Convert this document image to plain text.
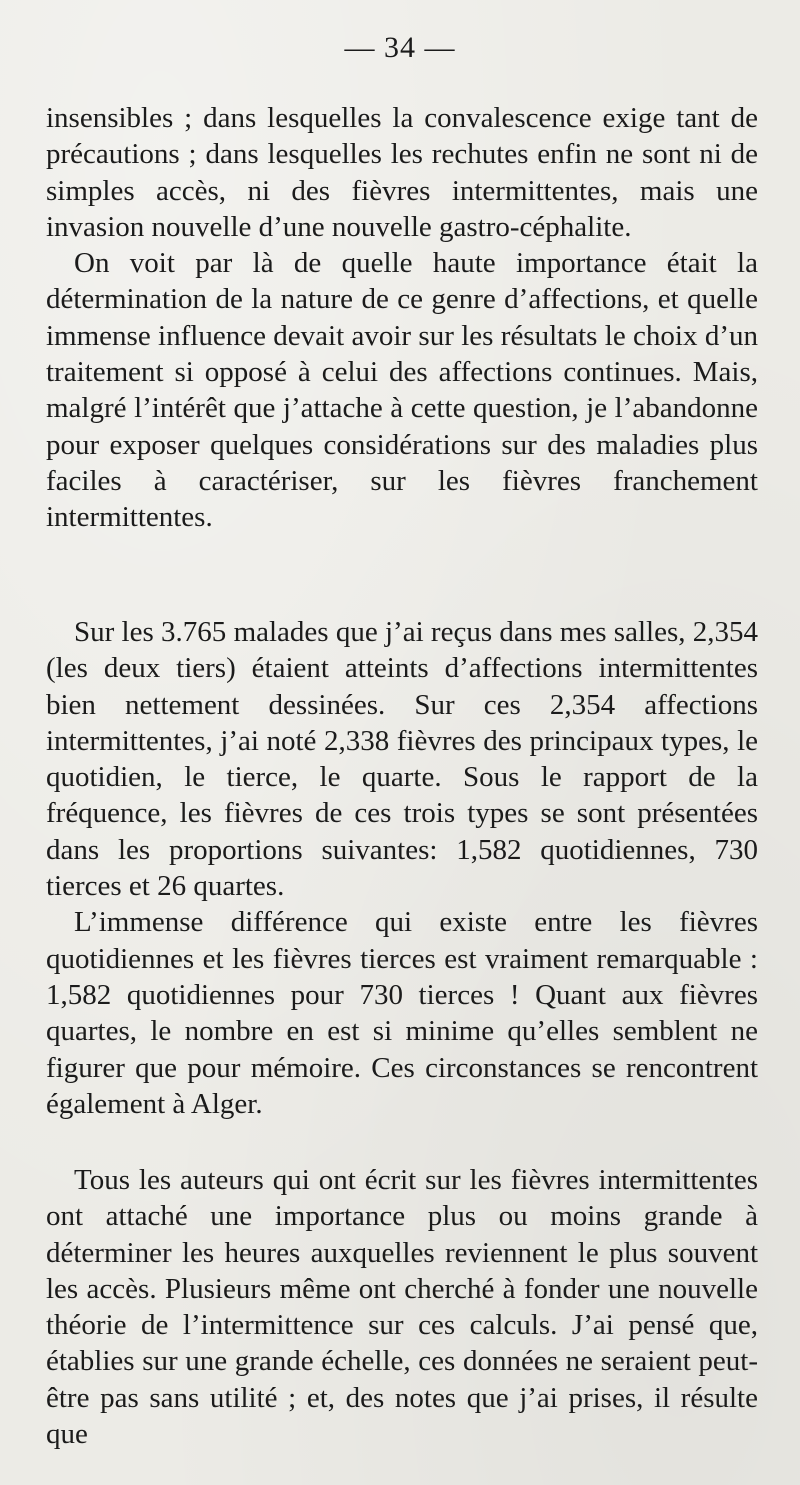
— 34 —

insensibles ; dans lesquelles la convalescence exige tant de précautions ; dans lesquelles les rechutes enfin ne sont ni de simples accès, ni des fièvres intermittentes, mais une invasion nouvelle d’une nouvelle gastro-céphalite.

On voit par là de quelle haute importance était la détermination de la nature de ce genre d’affections, et quelle immense influence devait avoir sur les résultats le choix d’un traitement si opposé à celui des affections continues. Mais, malgré l’intérêt que j’attache à cette question, je l’abandonne pour exposer quelques considérations sur des maladies plus faciles à caractériser, sur les fièvres franchement intermittentes.

Sur les 3.765 malades que j’ai reçus dans mes salles, 2,354 (les deux tiers) étaient atteints d’affections intermittentes bien nettement dessinées. Sur ces 2,354 affections intermittentes, j’ai noté 2,338 fièvres des principaux types, le quotidien, le tierce, le quarte. Sous le rapport de la fréquence, les fièvres de ces trois types se sont présentées dans les proportions suivantes: 1,582 quotidiennes, 730 tierces et 26 quartes.

L’immense différence qui existe entre les fièvres quotidiennes et les fièvres tierces est vraiment remarquable : 1,582 quotidiennes pour 730 tierces ! Quant aux fièvres quartes, le nombre en est si minime qu’elles semblent ne figurer que pour mémoire. Ces circonstances se rencontrent également à Alger.

Tous les auteurs qui ont écrit sur les fièvres intermittentes ont attaché une importance plus ou moins grande à déterminer les heures auxquelles reviennent le plus souvent les accès. Plusieurs même ont cherché à fonder une nouvelle théorie de l’intermittence sur ces calculs. J’ai pensé que, établies sur une grande échelle, ces données ne seraient peut-être pas sans utilité ; et, des notes que j’ai prises, il résulte que
